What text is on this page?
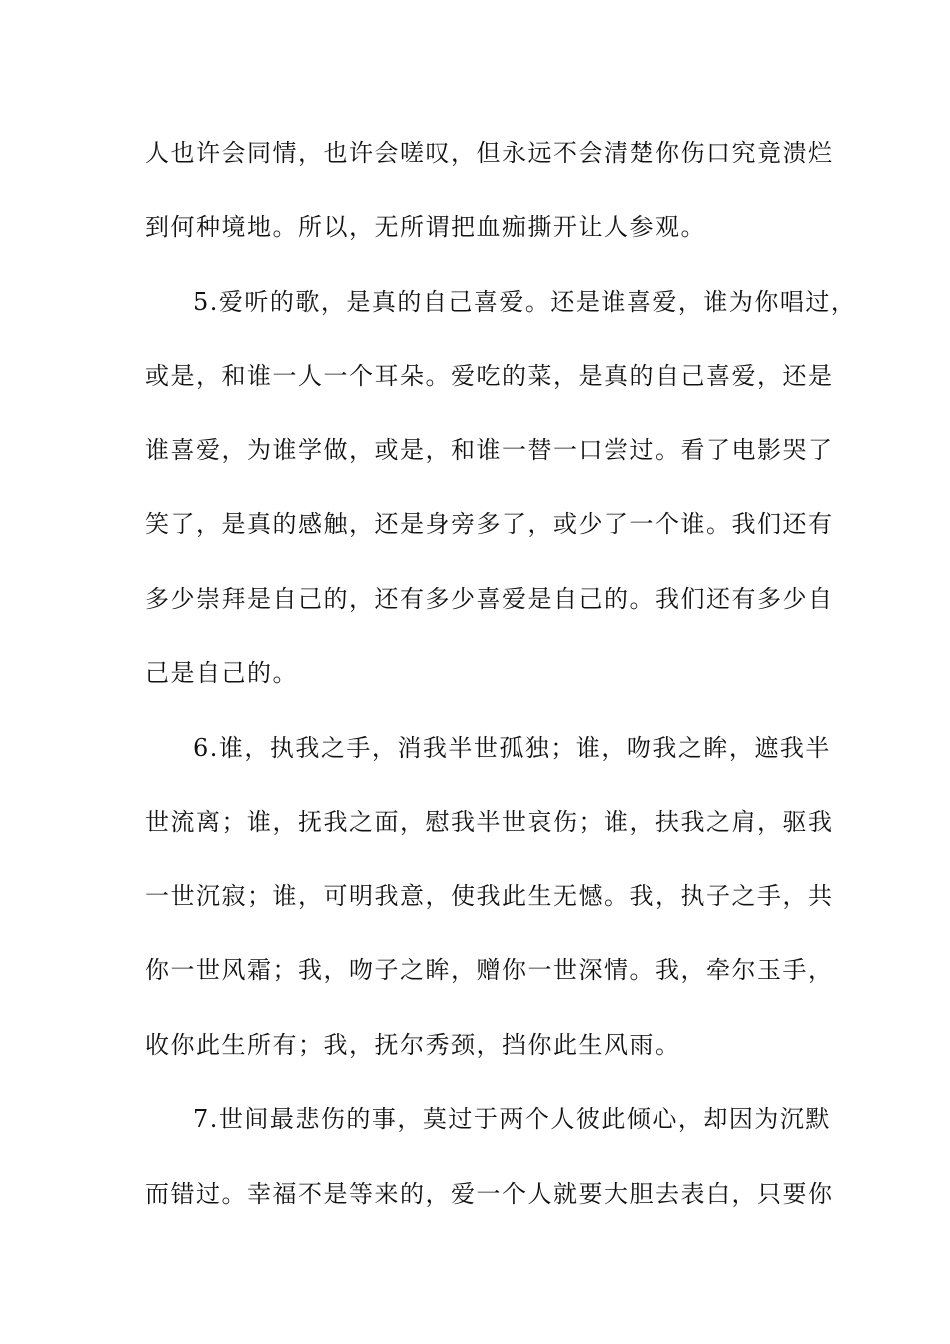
人也许会同情，也许会嗟叹，但永远不会清楚你伤口究竟溃烂

到何种境地。所以，无所谓把血痂撕开让人参观。

5.爱听的歌，是真的自己喜爱。还是谁喜爱，谁为你唱过，

或是，和谁一人一个耳朵。爱吃的菜，是真的自己喜爱，还是

谁喜爱，为谁学做，或是，和谁一替一口尝过。看了电影哭了

笑了，是真的感触，还是身旁多了，或少了一个谁。我们还有

多少崇拜是自己的，还有多少喜爱是自己的。我们还有多少自

己是自己的。

6.谁，执我之手，消我半世孤独；谁，吻我之眸，遮我半

世流离；谁，抚我之面，慰我半世哀伤；谁，扶我之肩，驱我

一世沉寂；谁，可明我意，使我此生无憾。我，执子之手，共

你一世风霜；我，吻子之眸，赠你一世深情。我，牵尔玉手，

收你此生所有；我，抚尔秀颈，挡你此生风雨。

7.世间最悲伤的事，莫过于两个人彼此倾心，却因为沉默

而错过。幸福不是等来的，爱一个人就要大胆去表白，只要你
